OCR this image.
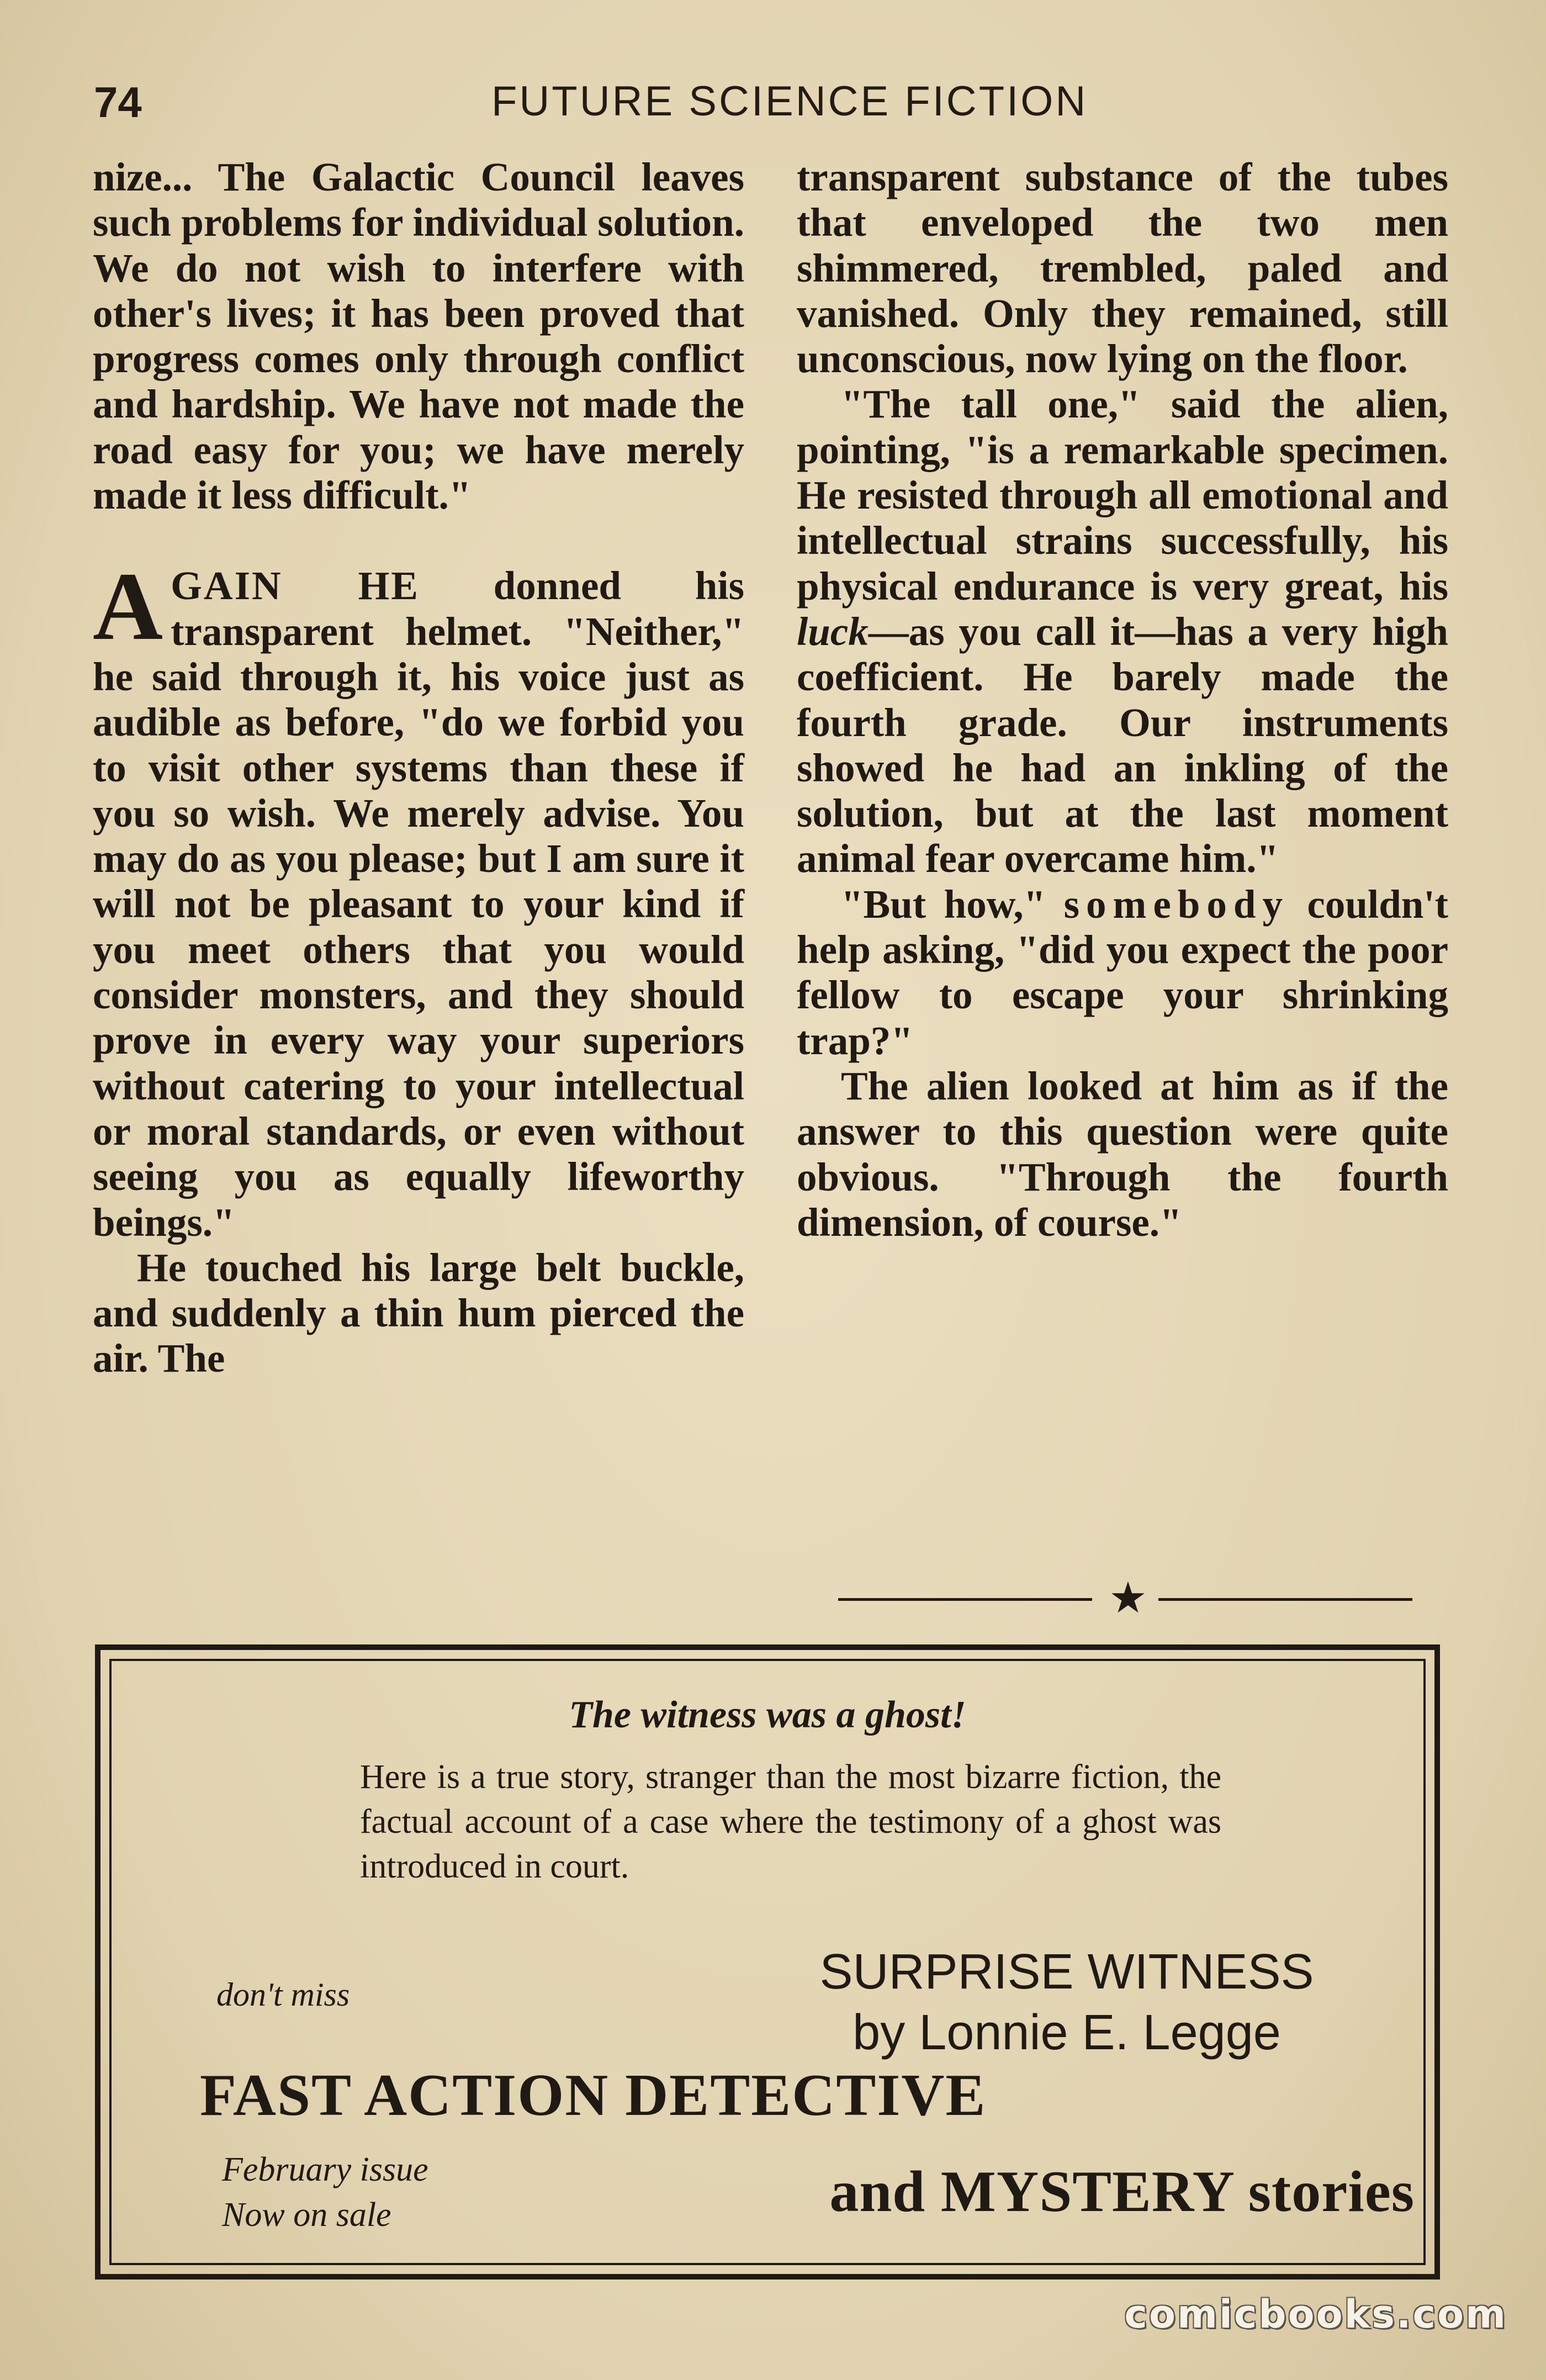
74	FUTURE SCIENCE FICTION

nize... The Galactic Council leaves such problems for individual solution. We do not wish to interfere with other's lives; it has been proved that progress comes only through conflict and hardship. We have not made the road easy for you; we have merely made it less difficult."

AGAIN HE donned his transparent helmet. "Neither," he said through it, his voice just as audible as before, "do we forbid you to visit other systems than these if you so wish. We merely advise. You may do as you please; but I am sure it will not be pleasant to your kind if you meet others that you would consider monsters, and they should prove in every way your superiors without catering to your intellectual or moral standards, or even without seeing you as equally lifeworthy beings."

He touched his large belt buckle, and suddenly a thin hum pierced the air. The

transparent substance of the tubes that enveloped the two men shimmered, trembled, paled and vanished. Only they remained, still unconscious, now lying on the floor.

"The tall one," said the alien, pointing, "is a remarkable specimen. He resisted through all emotional and intellectual strains successfully, his physical endurance is very great, his luck—as you call it—has a very high coefficient. He barely made the fourth grade. Our instruments showed he had an inkling of the solution, but at the last moment animal fear overcame him."

"But how," somebody couldn't help asking, "did you expect the poor fellow to escape your shrinking trap?"

The alien looked at him as if the answer to this question were quite obvious. "Through the fourth dimension, of course."

★
The witness was a ghost!
Here is a true story, stranger than the most bizarre fiction, the factual account of a case where the testimony of a ghost was introduced in court.
don't miss	SURPRISE WITNESS
by Lonnie E. Legge
FAST ACTION DETECTIVE
February issue
Now on sale	and MYSTERY stories
comicbooks.com
